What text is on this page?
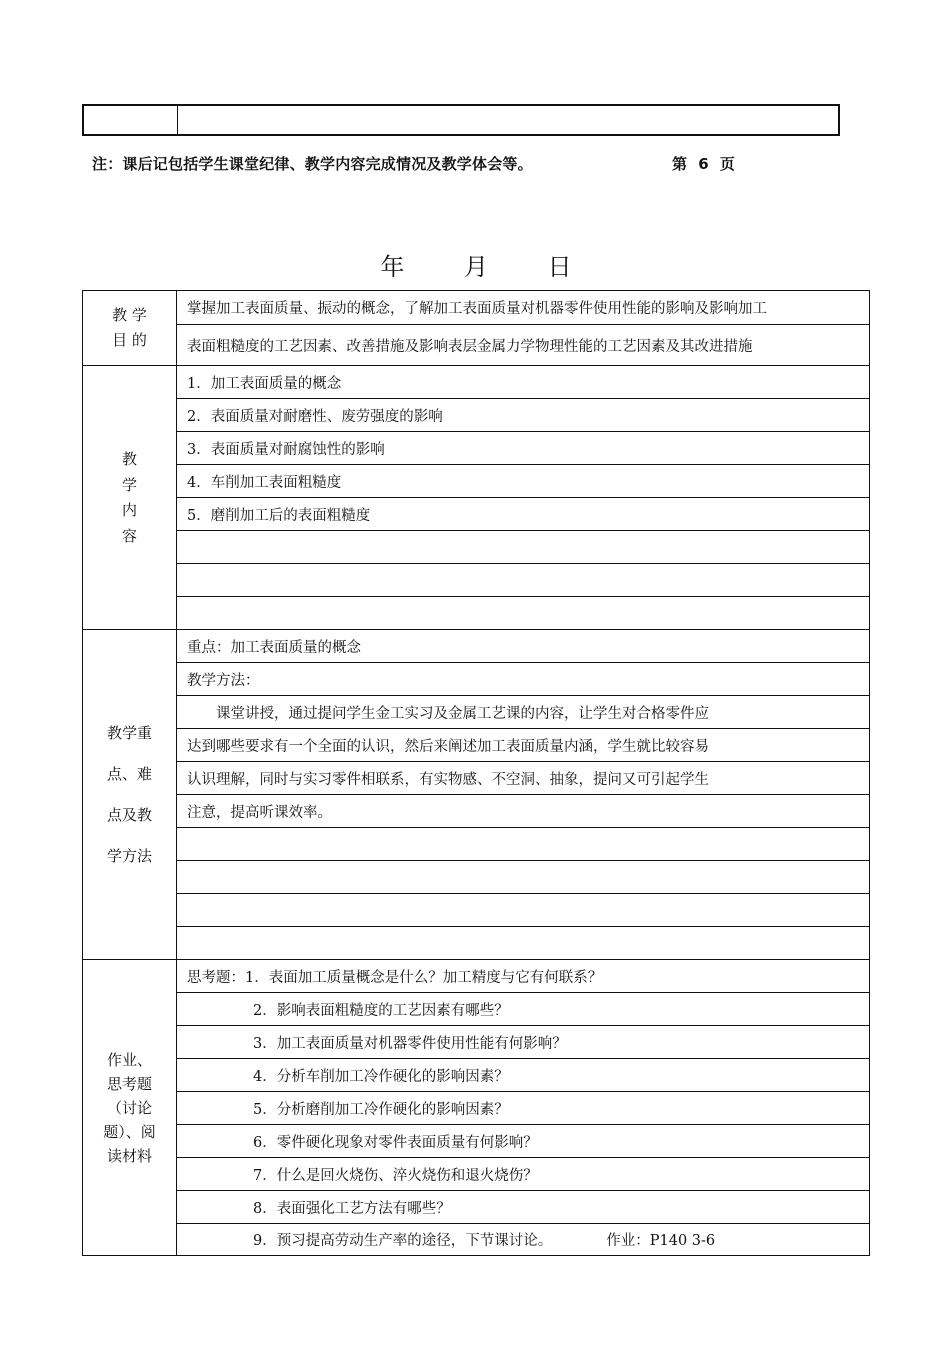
注：课后记包括学生课堂纪律、教学内容完成情况及教学体会等。	第 6 页
年 月 日
教 学
目 的
掌握加工表面质量、振动的概念，了解加工表面质量对机器零件使用性能的影响及影响加工
表面粗糙度的工艺因素、改善措施及影响表层金属力学物理性能的工艺因素及其改进措施
教
学
内
容
1．加工表面质量的概念
2．表面质量对耐磨性、废劳强度的影响
3．表面质量对耐腐蚀性的影响
4．车削加工表面粗糙度
5．磨削加工后的表面粗糙度
教学重
点、难
点及教
学方法
重点：加工表面质量的概念
教学方法：
　　课堂讲授，通过提问学生金工实习及金属工艺课的内容，让学生对合格零件应
达到哪些要求有一个全面的认识，然后来阐述加工表面质量内涵，学生就比较容易
认识理解，同时与实习零件相联系，有实物感、不空洞、抽象，提问又可引起学生
注意，提高听课效率。
作业、
思考题
（讨论
题）、阅
读材料
思考题：1．表面加工质量概念是什么？加工精度与它有何联系？
2．影响表面粗糙度的工艺因素有哪些？
3．加工表面质量对机器零件使用性能有何影响？
4．分析车削加工冷作硬化的影响因素？
5．分析磨削加工冷作硬化的影响因素？
6．零件硬化现象对零件表面质量有何影响？
7．什么是回火烧伤、淬火烧伤和退火烧伤？
8．表面强化工艺方法有哪些？
9．预习提高劳动生产率的途径，下节课讨论。	作业：P140 3-6
